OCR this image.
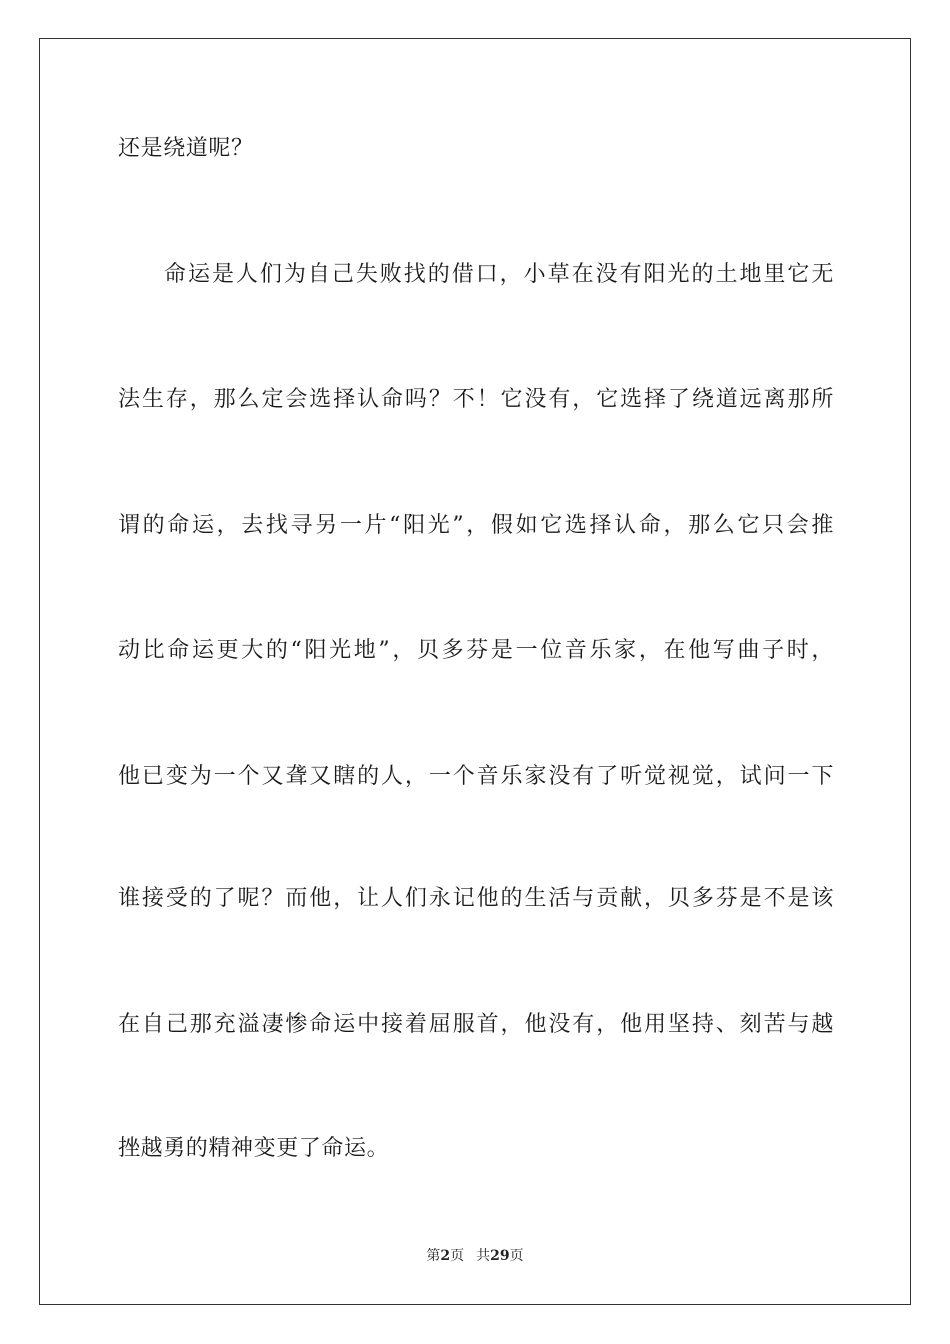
还是绕道呢？
命运是人们为自己失败找的借口，小草在没有阳光的土地里它无
法生存，那么定会选择认命吗？不！它没有，它选择了绕道远离那所
谓的命运，去找寻另一片“阳光”，假如它选择认命，那么它只会推
动比命运更大的“阳光地”，贝多芬是一位音乐家，在他写曲子时，
他已变为一个又聋又瞎的人，一个音乐家没有了听觉视觉，试问一下
谁接受的了呢？而他，让人们永记他的生活与贡献，贝多芬是不是该
在自己那充溢凄惨命运中接着屈服首，他没有，他用坚持、刻苦与越
挫越勇的精神变更了命运。
第2页 共29页
